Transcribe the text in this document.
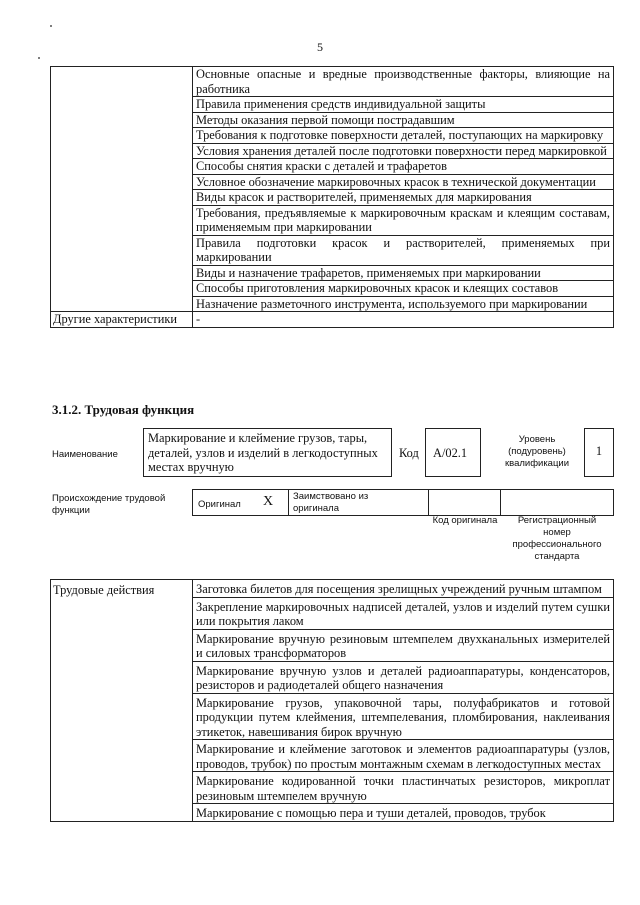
5
	Основные опасные и вредные производственные факторы, влияющие на работника
	Правила применения средств индивидуальной защиты
	Методы оказания первой помощи пострадавшим
	Требования к подготовке поверхности деталей, поступающих на маркировку
	Условия хранения деталей после подготовки поверхности перед маркировкой
	Способы снятия краски с деталей и трафаретов
	Условное обозначение маркировочных красок в технической документации
	Виды красок и растворителей, применяемых для маркирования
	Требования, предъявляемые к маркировочным краскам и клеящим составам, применяемым при маркировании
	Правила подготовки красок и растворителей, применяемых при маркировании
	Виды и назначение трафаретов, применяемых при маркировании
	Способы приготовления маркировочных красок и клеящих составов
	Назначение разметочного инструмента, используемого при маркировании
Другие характеристики	-
3.1.2. Трудовая функция
Наименование
Маркирование и клеймение грузов, тары, деталей, узлов и изделий в легкодоступных местах вручную
Код	А/02.1
Уровень (подуровень) квалификации
1
Происхождение трудовой функции
Оригинал X Заимствовано из оригинала
Код оригинала	Регистрационный номер профессионального стандарта
Трудовые действия	Заготовка билетов для посещения зрелищных учреждений ручным штампом
Закрепление маркировочных надписей деталей, узлов и изделий путем сушки или покрытия лаком
Маркирование вручную резиновым штемпелем двухканальных измерителей и силовых трансформаторов
Маркирование вручную узлов и деталей радиоаппаратуры, конденсаторов, резисторов и радиодеталей общего назначения
Маркирование грузов, упаковочной тары, полуфабрикатов и готовой продукции путем клеймения, штемпелевания, пломбирования, наклеивания этикеток, навешивания бирок вручную
Маркирование и клеймение заготовок и элементов радиоаппаратуры (узлов, проводов, трубок) по простым монтажным схемам в легкодоступных местах
Маркирование кодированной точки пластинчатых резисторов, микроплат резиновым штемпелем вручную
Маркирование с помощью пера и туши деталей, проводов, трубок
